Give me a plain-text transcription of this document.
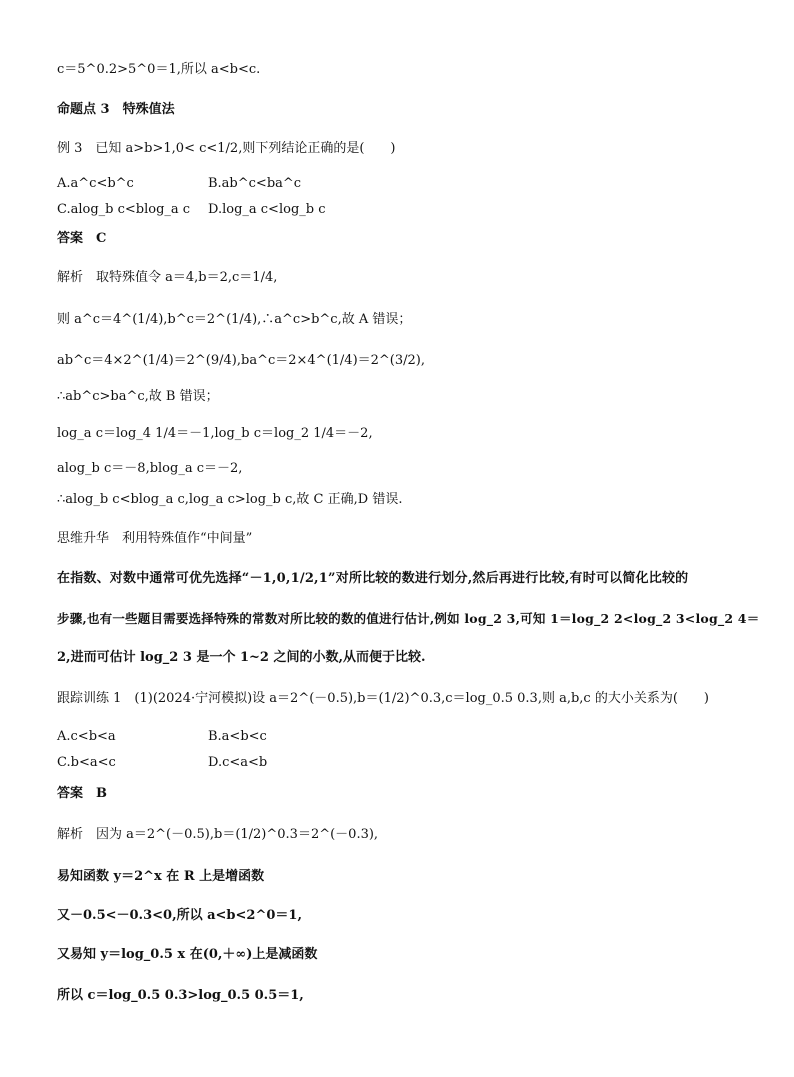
c＝5^0.2>5^0＝1,所以 a<b<c.
命题点 3　特殊值法
例 3　已知 a>b>1,0< c<1/2,则下列结论正确的是(　　)
A.a^c<b^c	B.ab^c<ba^c
C.alog_b c<blog_a c D.log_a c<log_b c
答案　C
解析　取特殊值令 a＝4,b＝2,c＝1/4,
则 a^c＝4^(1/4),b^c＝2^(1/4),∴a^c>b^c,故 A 错误；
ab^c＝4×2^(1/4)＝2^(9/4),ba^c＝2×4^(1/4)＝2^(3/2),
∴ab^c>ba^c,故 B 错误；
log_a c＝log_4 1/4＝－1,log_b c＝log_2 1/4＝－2,
alog_b c＝－8,blog_a c＝－2,
∴alog_b c<blog_a c,log_a c>log_b c,故 C 正确,D 错误.
思维升华　利用特殊值作“中间量”
在指数、对数中通常可优先选择“－1,0,1/2,1”对所比较的数进行划分,然后再进行比较,有时可以简化比较的
步骤,也有一些题目需要选择特殊的常数对所比较的数的值进行估计,例如 log_2 3,可知 1＝log_2 2<log_2 3<log_2 4＝
2,进而可估计 log_2 3 是一个 1~2 之间的小数,从而便于比较.
跟踪训练 1　(1)(2024·宁河模拟)设 a＝2^(－0.5),b＝(1/2)^0.3,c＝log_0.5 0.3,则 a,b,c 的大小关系为(　　)
A.c<b<a	B.a<b<c
C.b<a<c	D.c<a<b
答案　B
解析　因为 a＝2^(－0.5),b＝(1/2)^0.3＝2^(－0.3),
易知函数 y＝2^x 在 R 上是增函数
又－0.5<－0.3<0,所以 a<b<2^0＝1,
又易知 y＝log_0.5 x 在(0,＋∞)上是减函数
所以 c＝log_0.5 0.3>log_0.5 0.5＝1,
